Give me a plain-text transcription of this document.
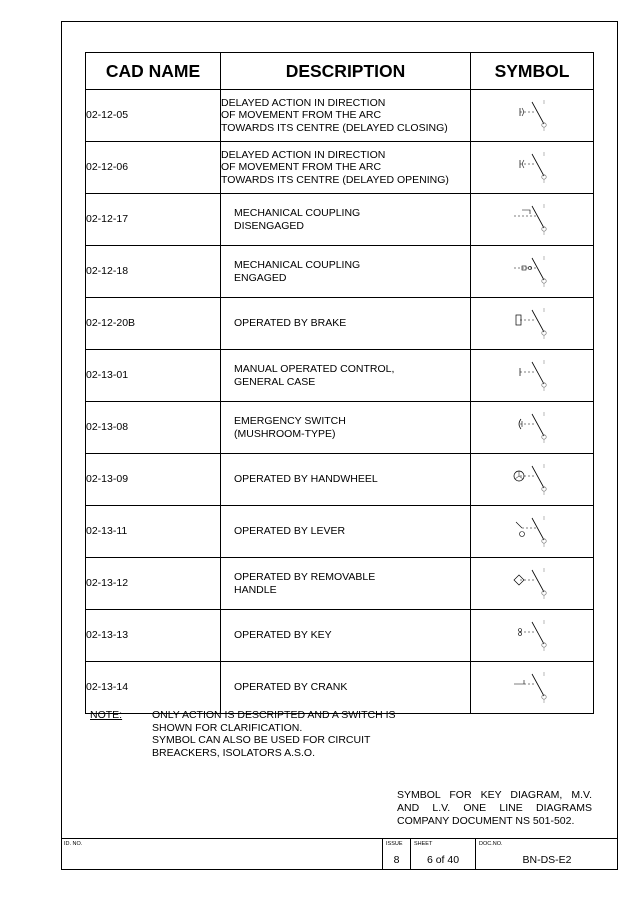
CAD NAME	DESCRIPTION	SYMBOL
02-12-05	DELAYED ACTION IN DIRECTION
OF MOVEMENT FROM THE ARC
TOWARDS ITS CENTRE (DELAYED CLOSING)

02-12-06	DELAYED ACTION IN DIRECTION
OF MOVEMENT FROM THE ARC
TOWARDS ITS CENTRE (DELAYED OPENING)

02-12-17	MECHANICAL COUPLING
DISENGAGED

02-12-18	MECHANICAL COUPLING
ENGAGED

02-12-20B	OPERATED BY BRAKE

02-13-01	MANUAL OPERATED CONTROL,
GENERAL CASE

02-13-08	EMERGENCY SWITCH
(MUSHROOM-TYPE)

02-13-09	OPERATED BY HANDWHEEL

02-13-11	OPERATED BY LEVER

02-13-12	OPERATED BY REMOVABLE
HANDLE

02-13-13	OPERATED BY KEY

02-13-14	OPERATED BY CRANK

NOTE:	ONLY ACTION IS DESCRIPTED AND A SWITCH IS
SHOWN FOR CLARIFICATION.
SYMBOL CAN ALSO BE USED FOR CIRCUIT
BREACKERS, ISOLATORS A.S.O.
SYMBOL FOR KEY DIAGRAM, M.V.
AND L.V. ONE LINE DIAGRAMS
COMPANY DOCUMENT NS 501-502.
ID. NO.	ISSUE
8
SHEET
6 of 40
DOC.NO.
BN-DS-E2
